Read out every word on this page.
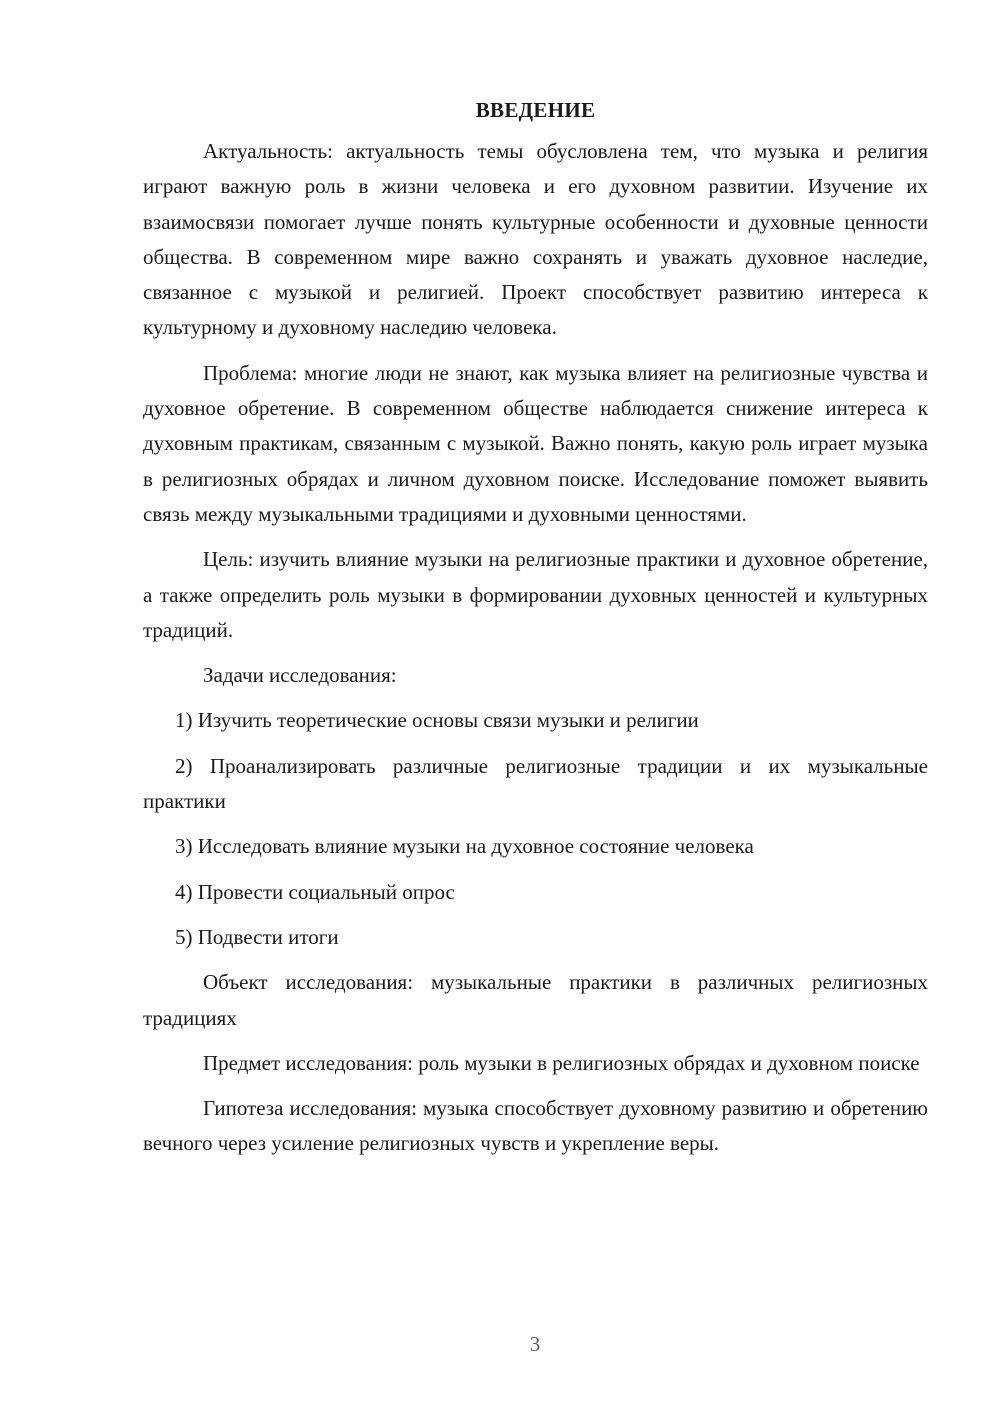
ВВЕДЕНИЕ

Актуальность: актуальность темы обусловлена тем, что музыка и религия играют важную роль в жизни человека и его духовном развитии. Изучение их взаимосвязи помогает лучше понять культурные особенности и духовные ценности общества. В современном мире важно сохранять и уважать духовное наследие, связанное с музыкой и религией. Проект способствует развитию интереса к культурному и духовному наследию человека.

Проблема: многие люди не знают, как музыка влияет на религиозные чувства и духовное обретение. В современном обществе наблюдается снижение интереса к духовным практикам, связанным с музыкой. Важно понять, какую роль играет музыка в религиозных обрядах и личном духовном поиске. Исследование поможет выявить связь между музыкальными традициями и духовными ценностями.

Цель: изучить влияние музыки на религиозные практики и духовное обретение, а также определить роль музыки в формировании духовных ценностей и культурных традиций.

Задачи исследования:

1) Изучить теоретические основы связи музыки и религии

2) Проанализировать различные религиозные традиции и их музыкальные практики

3) Исследовать влияние музыки на духовное состояние человека

4) Провести социальный опрос

5) Подвести итоги

Объект исследования: музыкальные практики в различных религиозных традициях

Предмет исследования: роль музыки в религиозных обрядах и духовном поиске

Гипотеза исследования: музыка способствует духовному развитию и обретению вечного через усиление религиозных чувств и укрепление веры.

3
